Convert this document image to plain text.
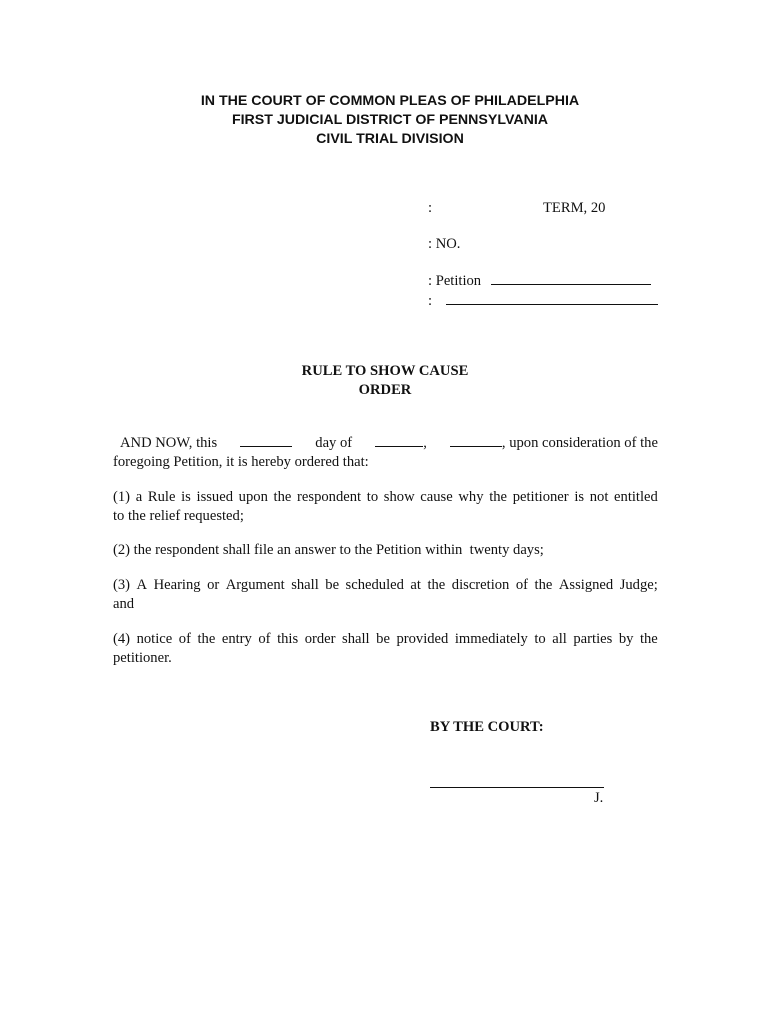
IN THE COURT OF COMMON PLEAS OF PHILADELPHIA
FIRST JUDICIAL DISTRICT OF PENNSYLVANIA
CIVIL TRIAL DIVISION
:	TERM, 20
: NO.
: Petition
:
RULE TO SHOW CAUSE
ORDER
AND NOW, this	day of	,	, upon consideration of the
foregoing Petition, it is hereby ordered that:
(1) a Rule is issued upon the respondent to show cause why the petitioner is not entitled
to the relief requested;
(2) the respondent shall file an answer to the Petition within  twenty days;
(3) A Hearing or Argument shall be scheduled at the discretion of the Assigned Judge;
and
(4) notice of the entry of this order shall be provided immediately to all parties by the
petitioner.
BY THE COURT:
J.
